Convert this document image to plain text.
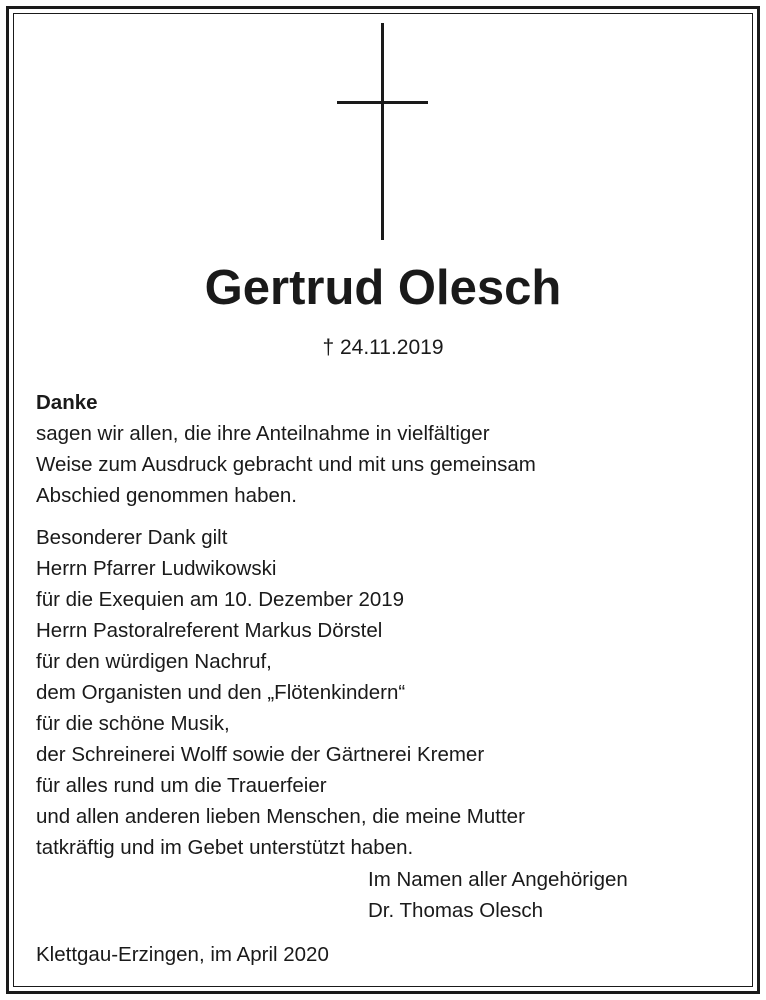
Gertrud Olesch
† 24.11.2019
Danke
sagen wir allen, die ihre Anteilnahme in vielfältiger
Weise zum Ausdruck gebracht und mit uns gemeinsam
Abschied genommen haben.
Besonderer Dank gilt
Herrn Pfarrer Ludwikowski
für die Exequien am 10. Dezember 2019
Herrn Pastoralreferent Markus Dörstel
für den würdigen Nachruf,
dem Organisten und den „Flötenkindern“
für die schöne Musik,
der Schreinerei Wolff sowie der Gärtnerei Kremer
für alles rund um die Trauerfeier
und allen anderen lieben Menschen, die meine Mutter
tatkräftig und im Gebet unterstützt haben.
Im Namen aller Angehörigen
Dr. Thomas Olesch
Klettgau-Erzingen, im April 2020
